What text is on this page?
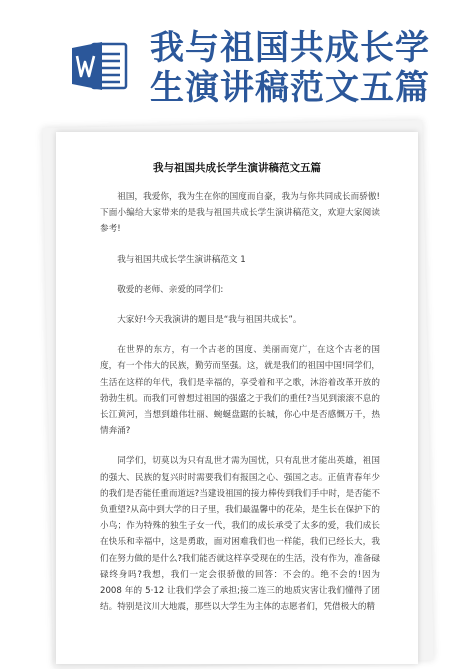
我与祖国共成长学
生演讲稿范文五篇
我与祖国共成长学生演讲稿范文五篇

祖国，我爱你，我为生在你的国度而自豪，我为与你共同成长而骄傲!下面小编给大家带来的是我与祖国共成长学生演讲稿范文，欢迎大家阅读参考!

我与祖国共成长学生演讲稿范文 1

敬爱的老师、亲爱的同学们:

大家好!今天我演讲的题目是“我与祖国共成长”。

在世界的东方，有一个古老的国度、美丽而宽广，在这个古老的国度，有一个伟大的民族，勤劳而坚强。这，就是我们的祖国中国!同学们，生活在这样的年代，我们是幸福的，享受着和平之歌，沐浴着改革开放的勃勃生机。而我们可曾想过祖国的强盛之于我们的重任?当见到滚滚不息的长江黄河，当想到雄伟壮丽、蜿蜒盘踞的长城，你心中是否感慨万千，热情奔涌?

同学们，切莫以为只有乱世才需为国忧，只有乱世才能出英雄，祖国的强大、民族的复兴时时需要我们有报国之心、强国之志。正值青春年少的我们是否能任重而道远?当建设祖国的接力棒传到我们手中时，是否能不负重望?从高中到大学的日子里，我们最温馨中的花朵，是生长在保护下的小鸟；作为特殊的独生子女一代，我们的成长承受了太多的爱，我们成长在快乐和幸福中，这是勇敢，面对困难我们也一样能，我们已经长大，我们在努力做的是什么?我们能否就这样享受现在的生活，没有作为，准备碌碌终身吗?我想，我们一定会很骄傲的回答：不会的。绝不会的!因为 2008 年的 5·12 让我们学会了承担;接二连三的地质灾害让我们懂得了团结。特别是汶川大地震，那些以大学生为主体的志愿者们，凭借极大的精
